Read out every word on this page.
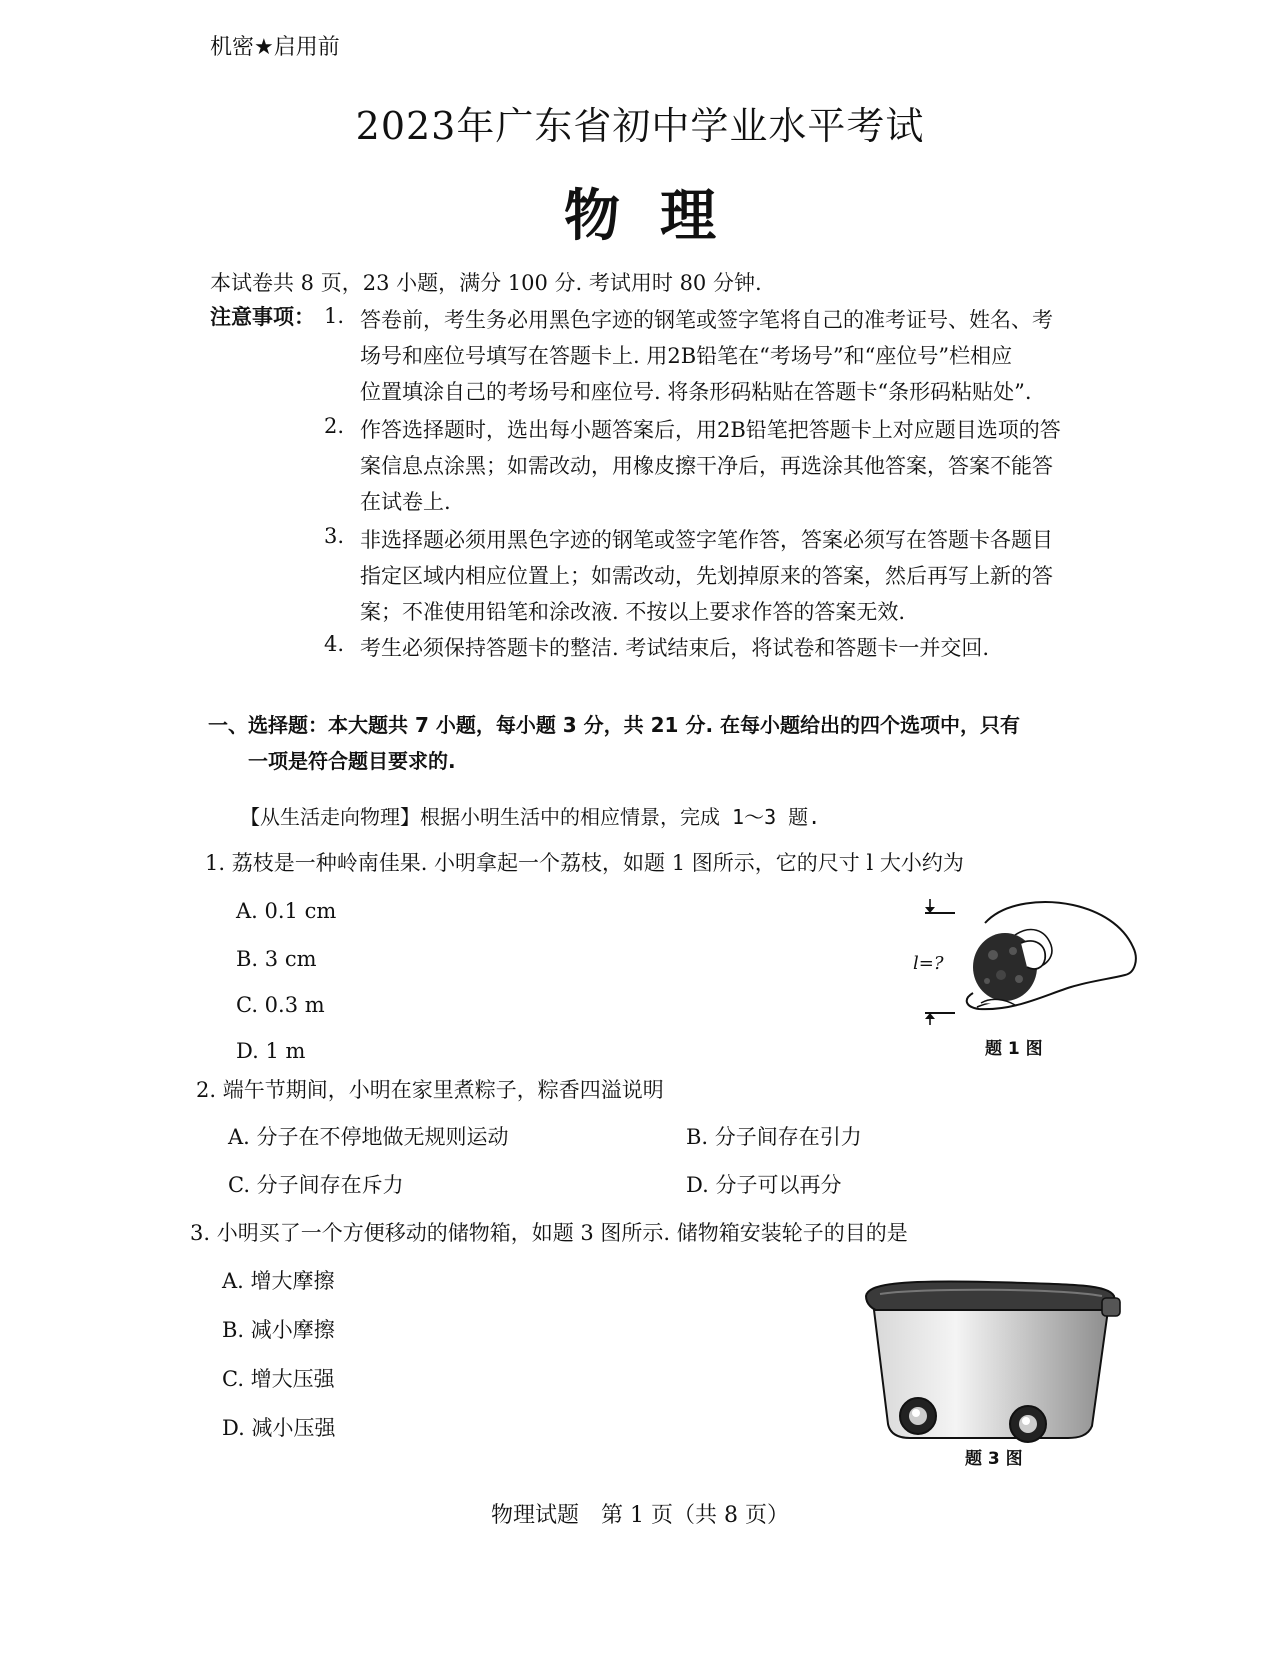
机密★启用前
2023年广东省初中学业水平考试
物理
本试卷共 8 页，23 小题，满分 100 分. 考试用时 80 分钟.
注意事项： 1. 答卷前，考生务必用黑色字迹的钢笔或签字笔将自己的准考证号、姓名、考
场号和座位号填写在答题卡上. 用2B铅笔在“考场号”和“座位号”栏相应
位置填涂自己的考场号和座位号. 将条形码粘贴在答题卡“条形码粘贴处”.
2. 作答选择题时，选出每小题答案后，用2B铅笔把答题卡上对应题目选项的答
案信息点涂黑；如需改动，用橡皮擦干净后，再选涂其他答案，答案不能答
在试卷上.
3. 非选择题必须用黑色字迹的钢笔或签字笔作答，答案必须写在答题卡各题目
指定区域内相应位置上；如需改动，先划掉原来的答案，然后再写上新的答
案；不准使用铅笔和涂改液. 不按以上要求作答的答案无效.
4. 考生必须保持答题卡的整洁. 考试结束后，将试卷和答题卡一并交回.
一、选择题：本大题共 7 小题，每小题 3 分，共 21 分. 在每小题给出的四个选项中，只有
一项是符合题目要求的.
【从生活走向物理】根据小明生活中的相应情景，完成 1～3 题.
1. 荔枝是一种岭南佳果. 小明拿起一个荔枝，如题 1 图所示，它的尺寸 l 大小约为
A. 0.1 cm
B. 3 cm
C. 0.3 m
D. 1 m
l=?
题 1 图
2. 端午节期间，小明在家里煮粽子，粽香四溢说明
A. 分子在不停地做无规则运动	B. 分子间存在引力
C. 分子间存在斥力	D. 分子可以再分
3. 小明买了一个方便移动的储物箱，如题 3 图所示. 储物箱安装轮子的目的是
A. 增大摩擦
B. 减小摩擦
C. 增大压强
D. 减小压强
题 3 图
物理试题　第 1 页（共 8 页）
